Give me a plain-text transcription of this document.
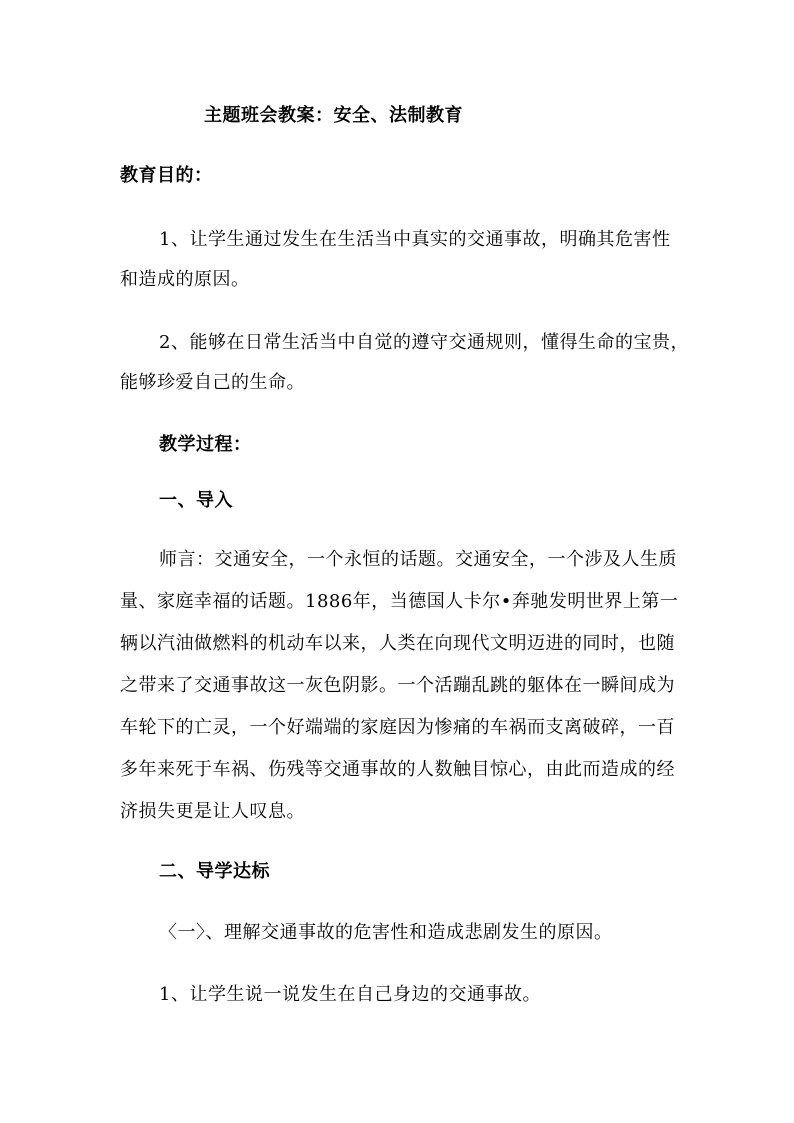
主题班会教案：安全、法制教育
教育目的：
1、让学生通过发生在生活当中真实的交通事故，明确其危害性
和造成的原因。
2、能够在日常生活当中自觉的遵守交通规则，懂得生命的宝贵，
能够珍爱自己的生命。
教学过程：
一、导入
师言：交通安全，一个永恒的话题。交通安全，一个涉及人生质
量、家庭幸福的话题。1886年，当德国人卡尔•奔驰发明世界上第一
辆以汽油做燃料的机动车以来，人类在向现代文明迈进的同时，也随
之带来了交通事故这一灰色阴影。一个活蹦乱跳的躯体在一瞬间成为
车轮下的亡灵，一个好端端的家庭因为惨痛的车祸而支离破碎，一百
多年来死于车祸、伤残等交通事故的人数触目惊心，由此而造成的经
济损失更是让人叹息。
二、导学达标
〈一〉、理解交通事故的危害性和造成悲剧发生的原因。
1、让学生说一说发生在自己身边的交通事故。
